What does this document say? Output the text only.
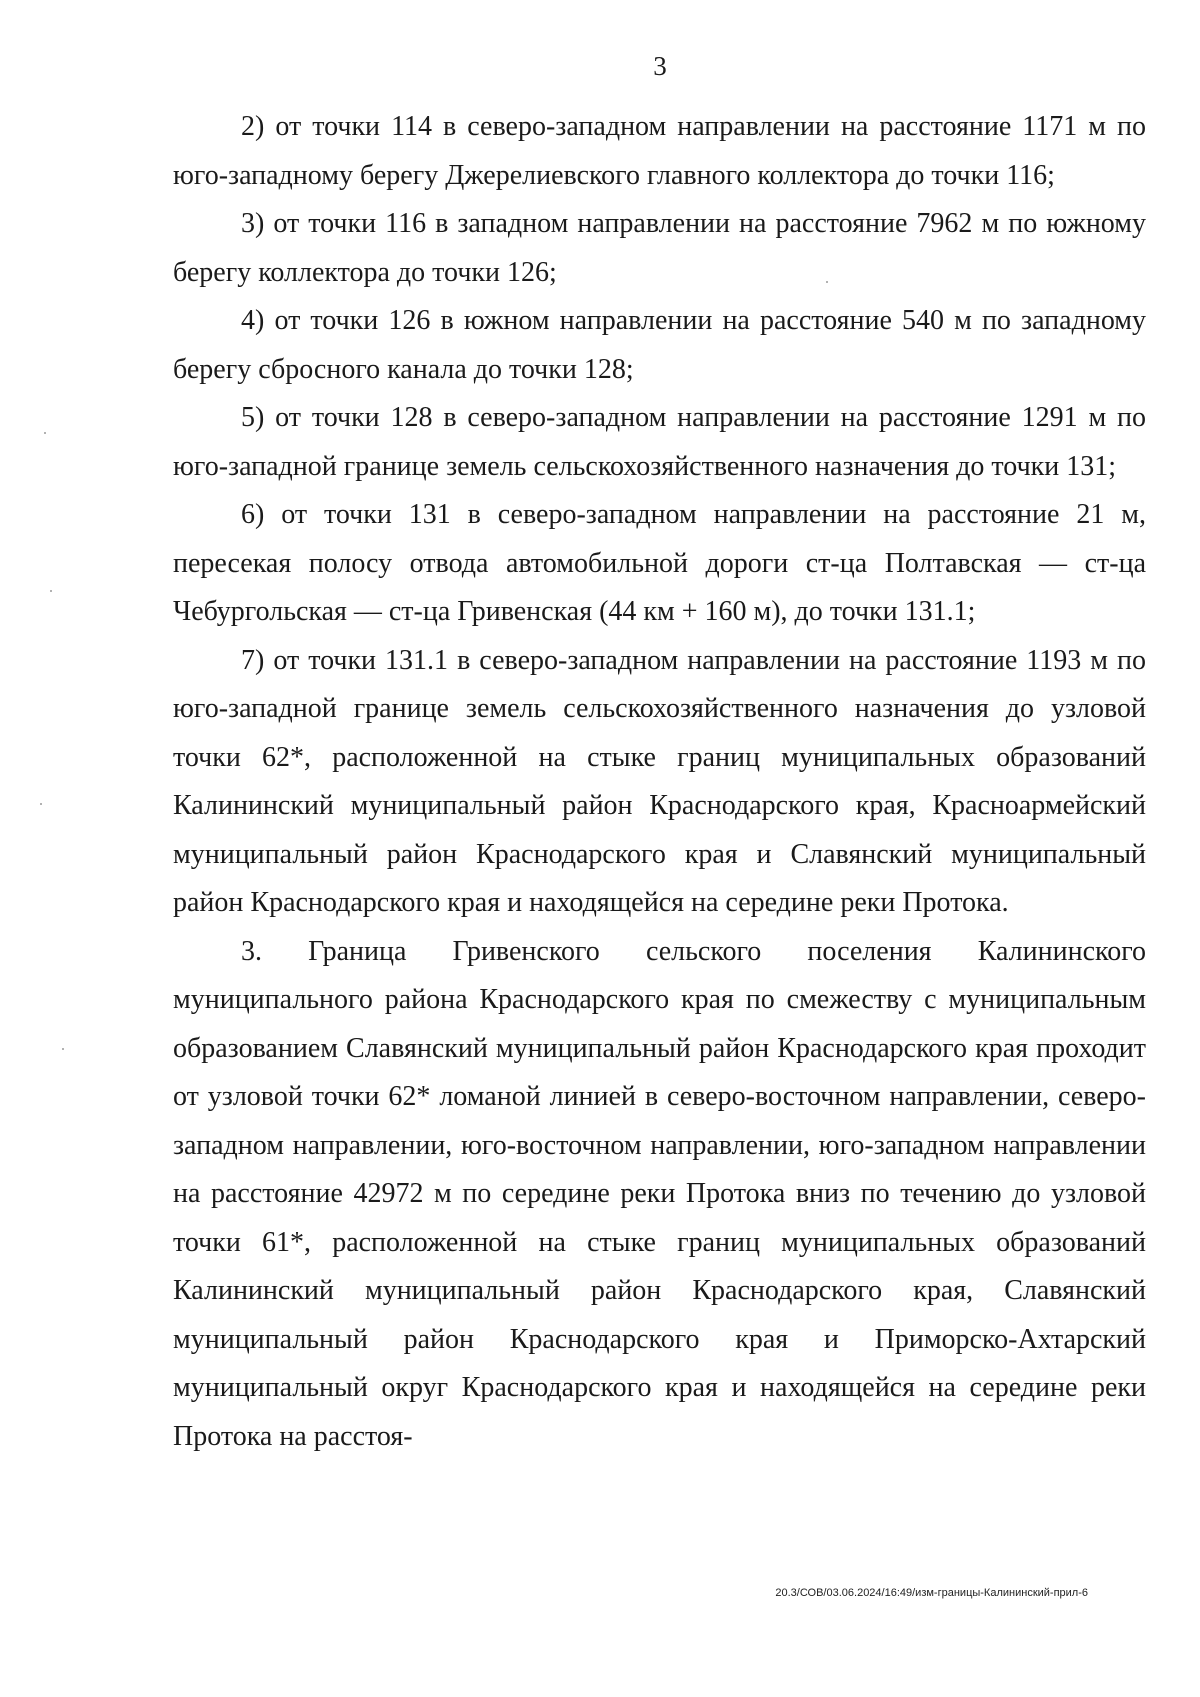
3

2) от точки 114 в северо-западном направлении на расстояние 1171 м по юго-западному берегу Джерелиевского главного коллектора до точки 116;

3) от точки 116 в западном направлении на расстояние 7962 м по южному берегу коллектора до точки 126;

4) от точки 126 в южном направлении на расстояние 540 м по западному берегу сбросного канала до точки 128;

5) от точки 128 в северо-западном направлении на расстояние 1291 м по юго-западной границе земель сельскохозяйственного назначения до точки 131;

6) от точки 131 в северо-западном направлении на расстояние 21 м, пересекая полосу отвода автомобильной дороги ст-ца Полтавская — ст-ца Чебургольская — ст-ца Гривенская (44 км + 160 м), до точки 131.1;

7) от точки 131.1 в северо-западном направлении на расстояние 1193 м по юго-западной границе земель сельскохозяйственного назначения до узловой точки 62*, расположенной на стыке границ муниципальных образований Калининский муниципальный район Краснодарского края, Красноармейский муниципальный район Краснодарского края и Славянский муниципальный район Краснодарского края и находящейся на середине реки Протока.

3. Граница Гривенского сельского поселения Калининского муниципального района Краснодарского края по смежеству с муниципальным образованием Славянский муниципальный район Краснодарского края проходит от узловой точки 62* ломаной линией в северо-восточном направлении, северо-западном направлении, юго-восточном направлении, юго-западном направлении на расстояние 42972 м по середине реки Протока вниз по течению до узловой точки 61*, расположенной на стыке границ муниципальных образований Калининский муниципальный район Краснодарского края, Славянский муниципальный район Краснодарского края и Приморско-Ахтарский муниципальный округ Краснодарского края и находящейся на середине реки Протока на расстоя-

20.3/СОВ/03.06.2024/16:49/изм-границы-Калининский-прил-6
